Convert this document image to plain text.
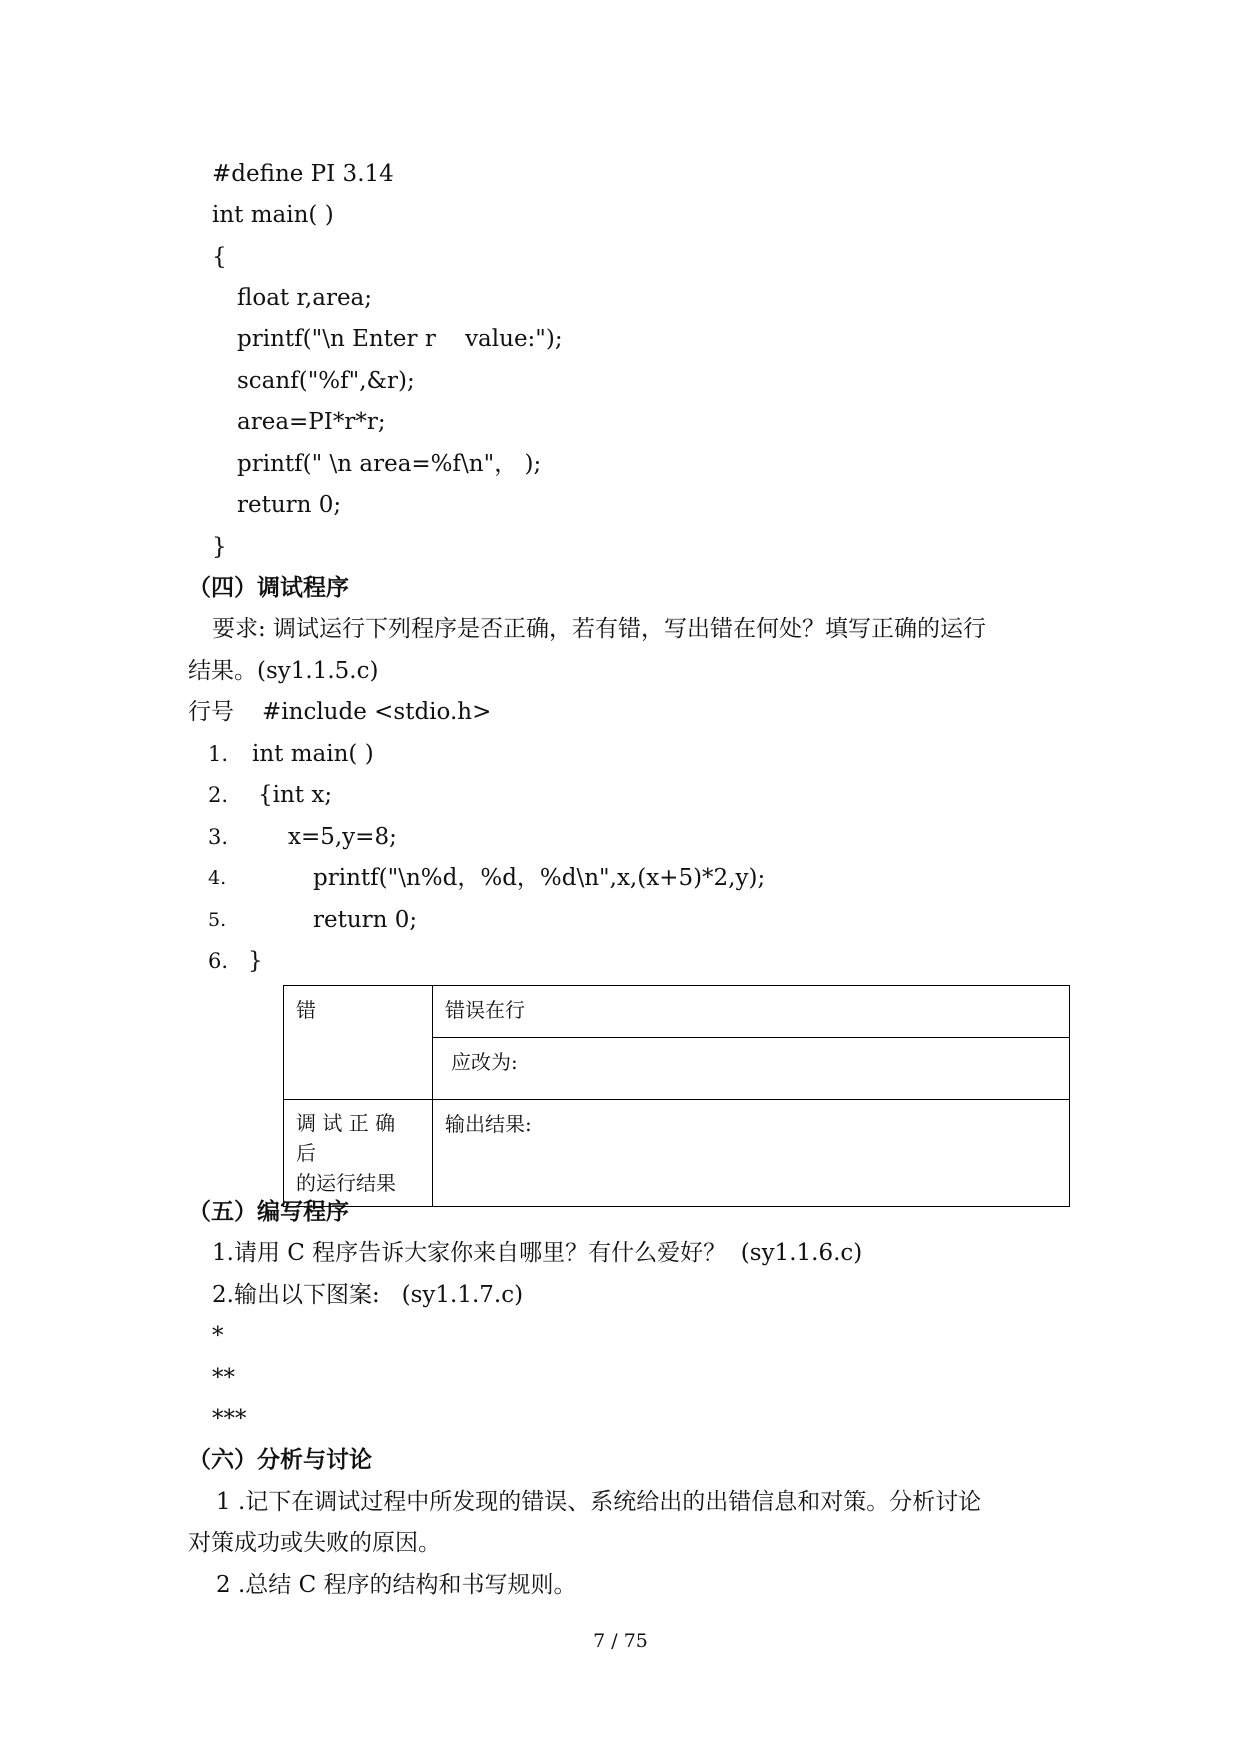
#define PI 3.14
int main( )
{
float r,area;
printf("\n Enter r    value:");
scanf("%f",&r);
area=PI*r*r;
printf(" \n area=%f\n"， );
return 0;
}
（四）调试程序
要求: 调试运行下列程序是否正确，若有错，写出错在何处？填写正确的运行
结果。(sy1.1.5.c)
行号 #include <stdio.h>
1. int main( )
2. {int x;
3.	x=5,y=8;
4.	printf("\n%d，%d，%d\n",x,(x+5)*2,y);
5.	return 0;
6. }
错	错误在行
	应改为:

调 试 正 确 后
的运行结果	输出结果:
（五）编写程序
1.请用 C 程序告诉大家你来自哪里？有什么爱好？  (sy1.1.6.c)
2.输出以下图案:   (sy1.1.7.c)
*
**
***
（六）分析与讨论
1 .记下在调试过程中所发现的错误、系统给出的出错信息和对策。分析讨论
对策成功或失败的原因。
2 .总结 C 程序的结构和书写规则。
7 / 75
